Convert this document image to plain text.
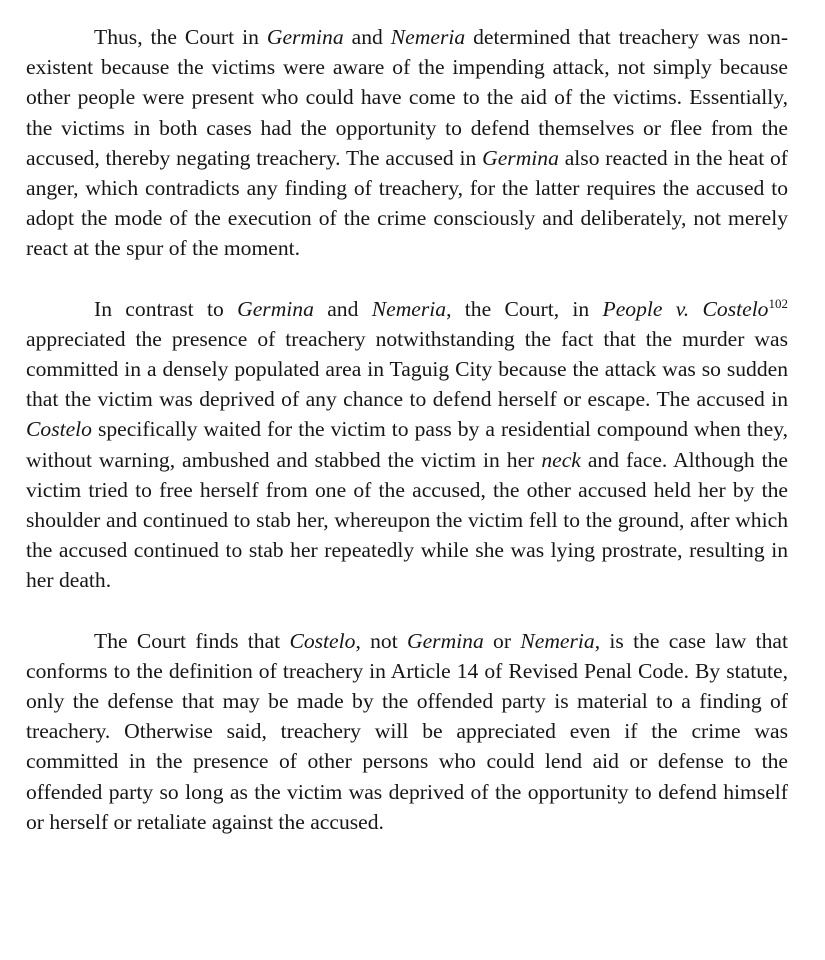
Thus, the Court in Germina and Nemeria determined that treachery was non-existent because the victims were aware of the impending attack, not simply because other people were present who could have come to the aid of the victims. Essentially, the victims in both cases had the opportunity to defend themselves or flee from the accused, thereby negating treachery. The accused in Germina also reacted in the heat of anger, which contradicts any finding of treachery, for the latter requires the accused to adopt the mode of the execution of the crime consciously and deliberately, not merely react at the spur of the moment.

In contrast to Germina and Nemeria, the Court, in People v. Costelo$^{102}$ appreciated the presence of treachery notwithstanding the fact that the murder was committed in a densely populated area in Taguig City because the attack was so sudden that the victim was deprived of any chance to defend herself or escape. The accused in Costelo specifically waited for the victim to pass by a residential compound when they, without warning, ambushed and stabbed the victim in her neck and face. Although the victim tried to free herself from one of the accused, the other accused held her by the shoulder and continued to stab her, whereupon the victim fell to the ground, after which the accused continued to stab her repeatedly while she was lying prostrate, resulting in her death.

The Court finds that Costelo, not Germina or Nemeria, is the case law that conforms to the definition of treachery in Article 14 of Revised Penal Code. By statute, only the defense that may be made by the offended party is material to a finding of treachery. Otherwise said, treachery will be appreciated even if the crime was committed in the presence of other persons who could lend aid or defense to the offended party so long as the victim was deprived of the opportunity to defend himself or herself or retaliate against the accused.
